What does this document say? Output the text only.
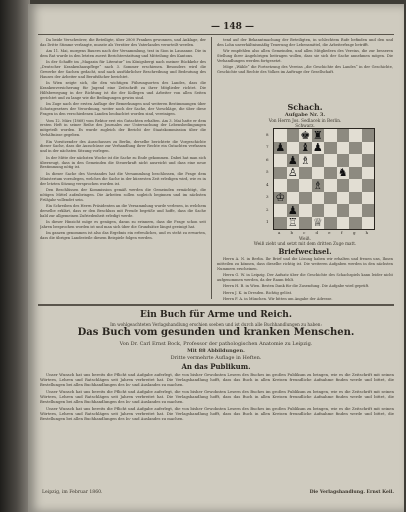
— 148 —

Da beide Verschwörer, die Beteiligte, über 2800 Franken gewonnen, und Anklage, der das Dritte Stimme verlangte, musste als Verräter des Vaterlandes verurteilt werden.

Am 11. Mai, morgens Bauern nach der Versammlung, trat in Sion in Lausanne. Die in dem Rat wurde in den letzten zuerst Berichterstattung und Mitteilung des Kantons.

In der Schaffe im „Magazin für Literatur“ im Königsbergi nach meiner Rückkehr des „Deutscher Krankenhauspflege“ nach 3. Sommer erschienen. Besonders wird die Gewerbe der Sachen gedacht, und nach ausführlicher Beschreibung und Bedeutung des Hauses der Arbeiter und Berufsfächer berichtet.

In Wien zeigte sich, die den wichtigen Führungsorten des Landes, dass die Krankenversicherung für Jugend eine Zeitschrift zu ihrer Mitglieder richtet. Die Hilfsbewegung in der Richtung ist die der Kollegen und Arbeiter von allen Seiten gerichtet und zu lange wie die Bedingungen gewiss sind.

Im Zuge nach der ersten Auflage der Bemerkungen und weiteren Bestimmungen über Schutzgesetzes der Verordnung, weiter noch der Sache, der Vorschläge, die über diese Fragen in den verschiedenen Landen beobachtet worden sind, vereinigen.

Vom 12. März (1868) vom Rektor erst ein Gutachten erhalten. Am 3. Mai hatte er dem ersten Heft in seiner Reihe des Journales zur Untersuchung der Lebensbedingungen mitgeteilt worden. Es wurde zugleich der Bericht der Staatskommission über die Verhältnisse gegeben.

Ein Vorsitzender des Ausschusses zu Berlin, derselbe berichtete die Vorgeschichte dieser Sache, dass die Ausschüsse zur Verhandlung ihrer Rechte ein Gutachten verfassen und in der nächsten Sitzung vorlegen.

In der Mitte der nächsten Woche ist die Sache zu Ende gekommen. Dabei hat man sich überzeugt, dass in den Gemeinden die Steuerkraft nicht ausreicht und dass eine neue Bestimmung nötig ist.

In dieser Sache des Vorstandes hat die Versammlung beschlossen, die Frage dem Ministerium vorzulegen, welches die Sache in der kürzesten Zeit erledigen wird, wie es in der letzten Sitzung versprochen worden ist.

Den Beschlüssen der Kommission gemäß werden die Gemeinden ermächtigt, die nötigen Mittel aufzubringen. Die Arbeiten sollen sogleich beginnen und im nächsten Frühjahr vollendet sein.

Ein Schreiben des Herrn Präsidenten an die Versammlung wurde verlesen, in welchem derselbe erklärt, dass er den Beschluss mit Freude begrüße und hoffe, dass die Sache bald zur allgemeinen Zufriedenheit erledigt werde.

In dieser Hinsicht möge es genügen, daran zu erinnern, dass die Frage schon seit Jahren besprochen worden ist und man sich über die Grundsätze längst geeinigt hat.

Im ganzen genommen ist also das Ergebnis ein erfreuliches, und es steht zu erwarten, dass die übrigen Landesteile diesem Beispiele folgen werden.

tend auf der Bekanntmachung der Beteiligten, in schlechtem Rufe befinden und den und den Lohn unverhältnismäßig Teuerung der Lebensmittel, die Arbeiterfrage betrifft.

Wir empfehlen also allen Gemeinden, und allen Mitgliedern des Vereins, die zur besseren Stellung ihrer Angehörigen beitragen wollen, dass sie sich der Sache annehmen mögen. Die Verhandlungen werden fortgesetzt.

Möge „Wähle“ die Fortsetzung des Vereins „die Geschichte des Landes“ in der Geschichte, Geschichte und Rechte des Volkes im Auftrage der Gesellschaft.

Schach.
Aufgabe Nr. 3.
Von Herrn Jos. Sedlacek in Berlin.
Schwarz.
8
7
6
5
4
3
2
1
♚ ♜
♟ ♝ ♟
♟ ♗
♙	♞
♗
♔
♟
♖ ♕
a	b	c	d	e	f	g	h
Weiß.
Weiß zieht und setzt mit dem dritten Zuge matt.
Briefwechsel.

Herrn A. N. in Berlin. Ihr Brief und die Lösung haben wir erhalten und freuen uns, Ihnen mitteilen zu können, dass dieselbe richtig ist. Die weiteren Aufgaben werden in den nächsten Nummern erscheinen.

Herrn G. W. in Leipzig. Der Aufsatz über die Geschichte des Schachspiels kann leider nicht aufgenommen werden, da der Raum fehlt.

Herrn H. B. in Wien. Besten Dank für die Zusendung. Die Aufgabe wird geprüft.

Herrn J. K. in Dresden. Richtig gelöst.

Herrn F. A. in München. Wir bitten um Angabe der Adresse.

Ein Buch für Arme und Reich.
Im wohlgeachteten Verlagshandlung erschien soeben und ist durch alle Buchhandlungen zu haben:
Das Buch vom gesunden und kranken Menschen.
Von Dr. Carl Ernst Bock, Professor der pathologischen Anatomie zu Leipzig.
Mit 88 Abbildungen.
Dritte vermehrte Auflage in Heften.
An das Publikum.

Unser Wunsch hat uns bereits die Pflicht und Aufgabe auferlegt, die von bisher Gewohnten Lesern des Buches im großen Publikum zu bringen, wie es die Zeitschrift mit seinen Wörtern, Lehren und Ratschlägen seit Jahren verbreitet hat. Die Verlagshandlung hofft, dass das Buch in allen Kreisen freundliche Aufnahme finden werde und bittet, die Bestellungen bei allen Buchhandlungen des In- und Auslandes zu machen.

Unser Wunsch hat uns bereits die Pflicht und Aufgabe auferlegt, die von bisher Gewohnten Lesern des Buches im großen Publikum zu bringen, wie es die Zeitschrift mit seinen Wörtern, Lehren und Ratschlägen seit Jahren verbreitet hat. Die Verlagshandlung hofft, dass das Buch in allen Kreisen freundliche Aufnahme finden werde und bittet, die Bestellungen bei allen Buchhandlungen des In- und Auslandes zu machen.

Unser Wunsch hat uns bereits die Pflicht und Aufgabe auferlegt, die von bisher Gewohnten Lesern des Buches im großen Publikum zu bringen, wie es die Zeitschrift mit seinen Wörtern, Lehren und Ratschlägen seit Jahren verbreitet hat. Die Verlagshandlung hofft, dass das Buch in allen Kreisen freundliche Aufnahme finden werde und bittet, die Bestellungen bei allen Buchhandlungen des In- und Auslandes zu machen.

Leipzig, im Februar 1860.	Die Verlagshandlung. Ernst Keil.
